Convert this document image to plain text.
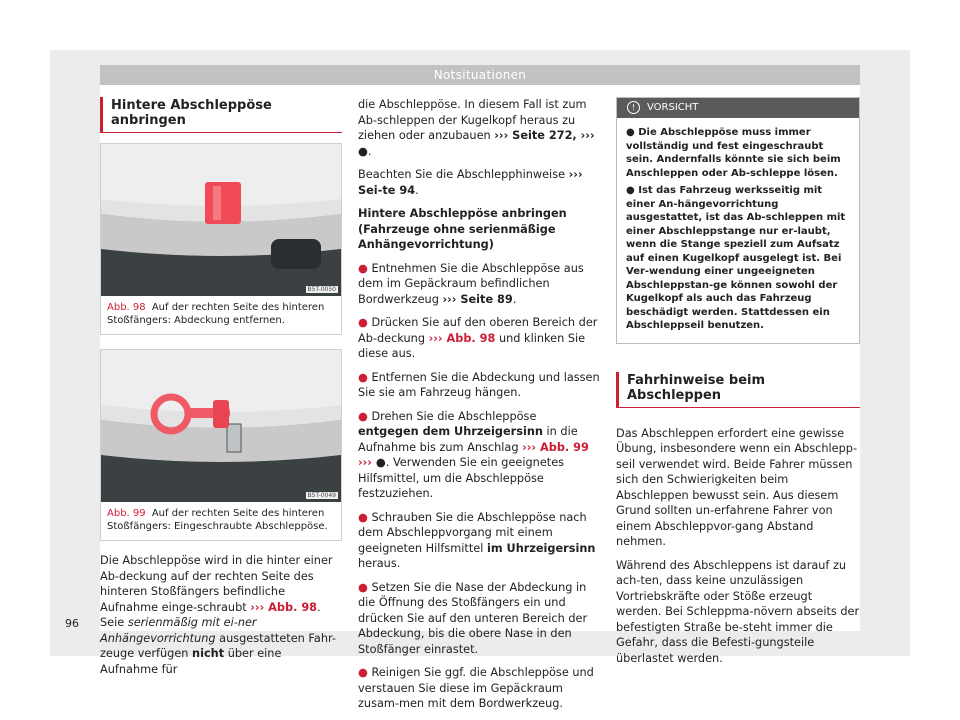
Notsituationen
Hintere Abschleppöse anbringen
B5T-0050
Abb. 98 Auf der rechten Seite des hinteren Stoßfängers: Abdeckung entfernen.
B5T-0049
Abb. 99 Auf der rechten Seite des hinteren Stoßfängers: Eingeschraubte Abschleppöse.

Die Abschleppöse wird in die hinter einer Ab-deckung auf der rechten Seite des hinteren Stoßfängers befindliche Aufnahme einge-schraubt ››› Abb. 98. Seie serienmäßig mit ei-ner Anhängevorrichtung ausgestatteten Fahr-zeuge verfügen nicht über eine Aufnahme für

die Abschleppöse. In diesem Fall ist zum Ab-schleppen der Kugelkopf heraus zu ziehen oder anzubauen ››› Seite 272, ››› ●.

Beachten Sie die Abschlepphinweise ››› Sei-te 94.

Hintere Abschleppöse anbringen (Fahrzeuge ohne serienmäßige Anhängevorrichtung)

● Entnehmen Sie die Abschleppöse aus dem im Gepäckraum befindlichen Bordwerkzeug ››› Seite 89.

● Drücken Sie auf den oberen Bereich der Ab-deckung ››› Abb. 98 und klinken Sie diese aus.

● Entfernen Sie die Abdeckung und lassen Sie sie am Fahrzeug hängen.

● Drehen Sie die Abschleppöse entgegen dem Uhrzeigersinn in die Aufnahme bis zum Anschlag ››› Abb. 99 ››› ●. Verwenden Sie ein geeignetes Hilfsmittel, um die Abschleppöse festzuziehen.

● Schrauben Sie die Abschleppöse nach dem Abschleppvorgang mit einem geeigneten Hilfsmittel im Uhrzeigersinn heraus.

● Setzen Sie die Nase der Abdeckung in die Öffnung des Stoßfängers ein und drücken Sie auf den unteren Bereich der Abdeckung, bis die obere Nase in den Stoßfänger einrastet.

● Reinigen Sie ggf. die Abschleppöse und verstauen Sie diese im Gepäckraum zusam-men mit dem Bordwerkzeug.

! VORSICHT

● Die Abschleppöse muss immer vollständig und fest eingeschraubt sein. Andernfalls könnte sie sich beim Anschleppen oder Ab-schleppe lösen.

● Ist das Fahrzeug werksseitig mit einer An-hängevorrichtung ausgestattet, ist das Ab-schleppen mit einer Abschleppstange nur er-laubt, wenn die Stange speziell zum Aufsatz auf einen Kugelkopf ausgelegt ist. Bei Ver-wendung einer ungeeigneten Abschleppstan-ge können sowohl der Kugelkopf als auch das Fahrzeug beschädigt werden. Stattdessen ein Abschleppseil benutzen.

Fahrhinweise beim Abschleppen

Das Abschleppen erfordert eine gewisse Übung, insbesondere wenn ein Abschlepp-seil verwendet wird. Beide Fahrer müssen sich den Schwierigkeiten beim Abschleppen bewusst sein. Aus diesem Grund sollten un-erfahrene Fahrer von einem Abschleppvor-gang Abstand nehmen.

Während des Abschleppens ist darauf zu ach-ten, dass keine unzulässigen Vortriebskräfte oder Stöße erzeugt werden. Bei Schleppma-növern abseits der befestigten Straße be-steht immer die Gefahr, dass die Befesti-gungsteile überlastet werden.

96
